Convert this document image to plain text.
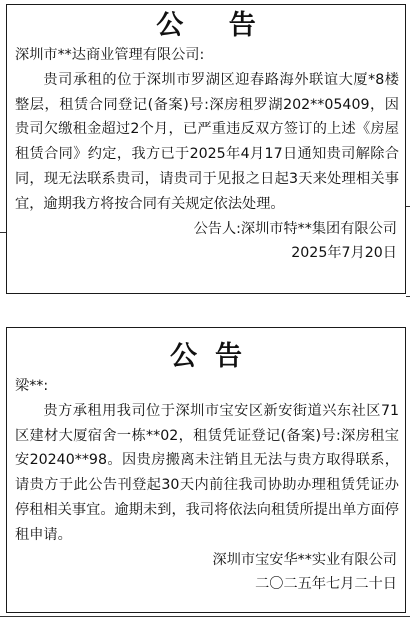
公 告
深圳市**达商业管理有限公司:
贵司承租的位于深圳市罗湖区迎春路海外联谊大厦*8楼整层，租赁合同登记(备案)号:深房租罗湖202**05409，因贵司欠缴租金超过2个月，已严重违反双方签订的上述《房屋租赁合同》约定，我方已于2025年4月17日通知贵司解除合同，现无法联系贵司，请贵司于见报之日起3天来处理相关事宜，逾期我方将按合同有关规定依法处理。
公告人:深圳市特**集团有限公司
2025年7月20日
公告
梁**:
贵方承租用我司位于深圳市宝安区新安街道兴东社区71区建材大厦宿舍一栋**02，租赁凭证登记(备案)号:深房租宝安20240**98。因贵房搬离未注销且无法与贵方取得联系，请贵方于此公告刊登起30天内前往我司协助办理租赁凭证办停租相关事宜。逾期未到，我司将依法向租赁所提出单方面停租申请。
深圳市宝安华**实业有限公司
二〇二五年七月二十日
